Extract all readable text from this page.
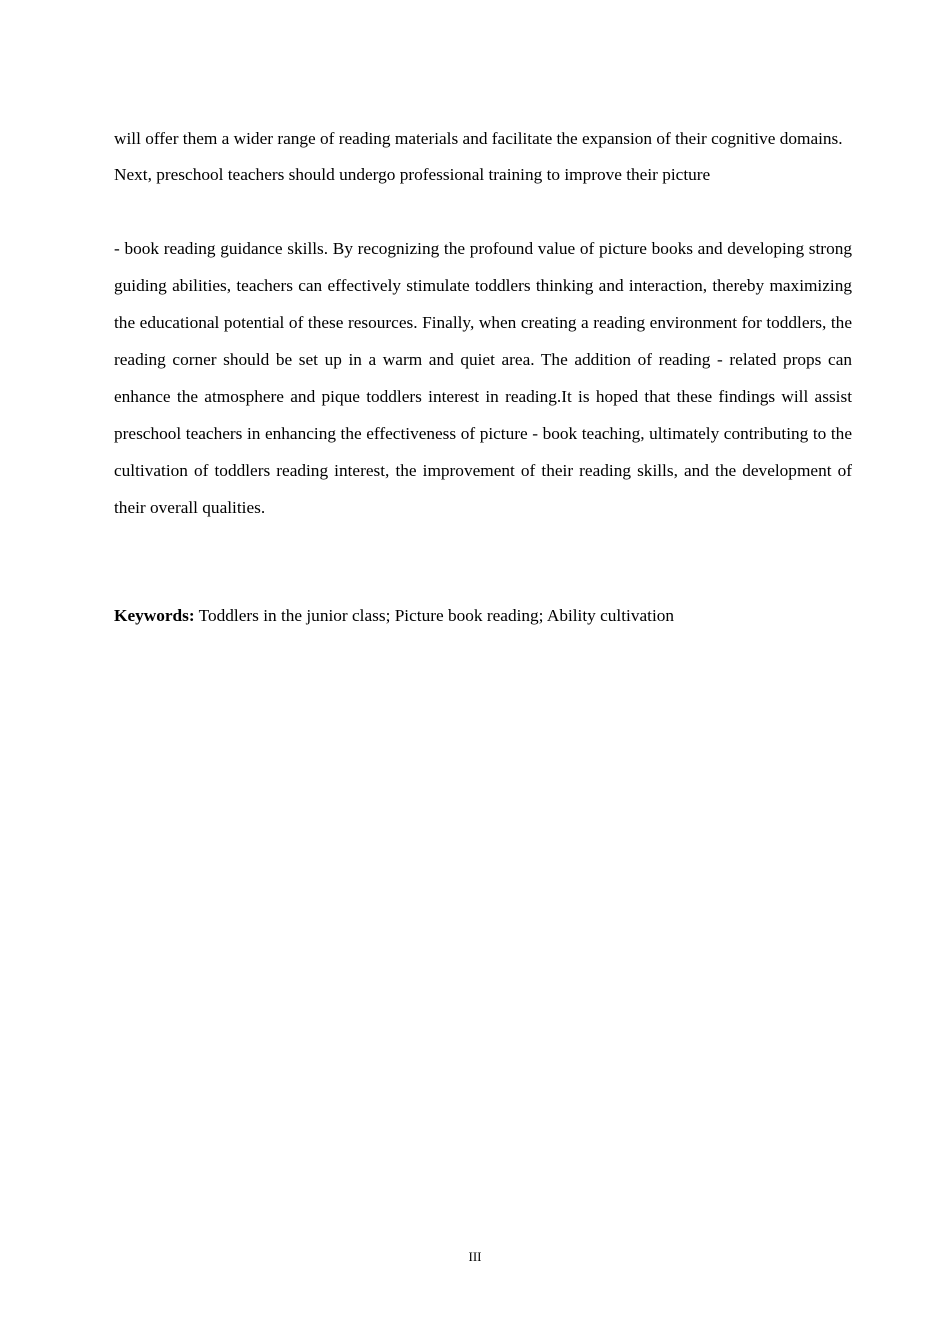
will offer them a wider range of reading materials and facilitate the expansion of their cognitive domains. Next, preschool teachers should undergo professional training to improve their picture

- book reading guidance skills. By recognizing the profound value of picture books and developing strong guiding abilities, teachers can effectively stimulate toddlers thinking and interaction, thereby maximizing the educational potential of these resources. Finally, when creating a reading environment for toddlers, the reading corner should be set up in a warm and quiet area. The addition of reading - related props can enhance the atmosphere and pique toddlers interest in reading.It is hoped that these findings will assist preschool teachers in enhancing the effectiveness of picture - book teaching, ultimately contributing to the cultivation of toddlers reading interest, the improvement of their reading skills, and the development of their overall qualities.

Keywords: Toddlers in the junior class; Picture book reading; Ability cultivation
III
